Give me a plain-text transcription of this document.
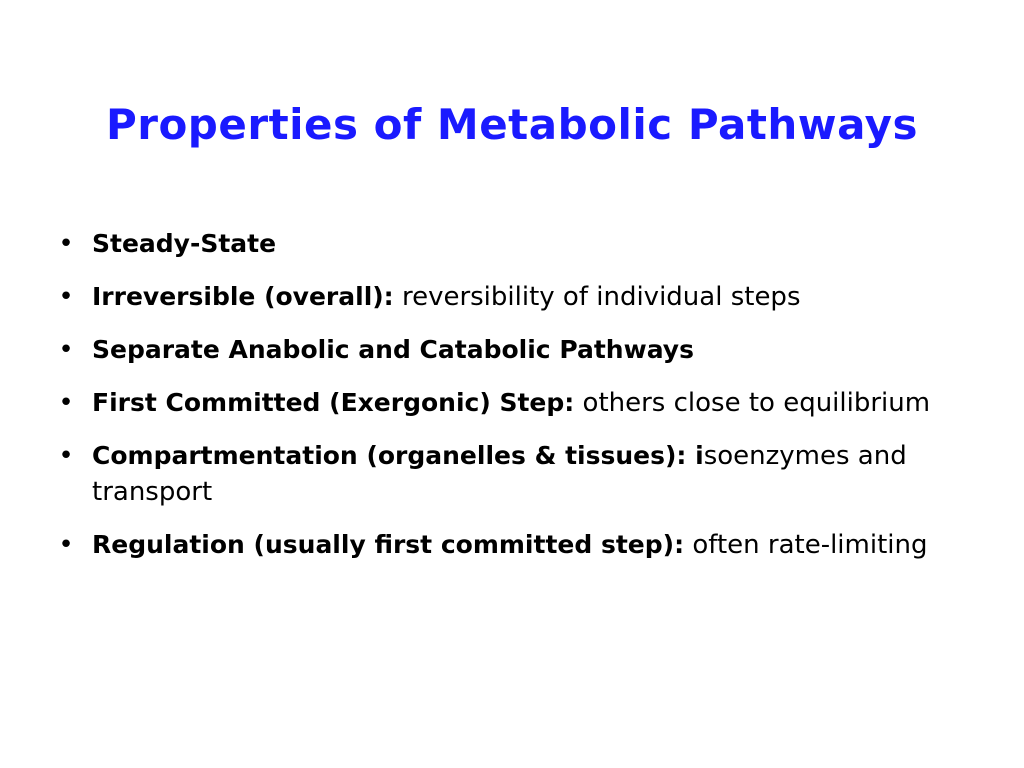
Properties of Metabolic Pathways
• Steady-State
• Irreversible (overall): reversibility of individual steps
• Separate Anabolic and Catabolic Pathways
• First Committed (Exergonic) Step: others close to equilibrium
• Compartmentation (organelles & tissues): isoenzymes and transport
• Regulation (usually first committed step): often rate-limiting
